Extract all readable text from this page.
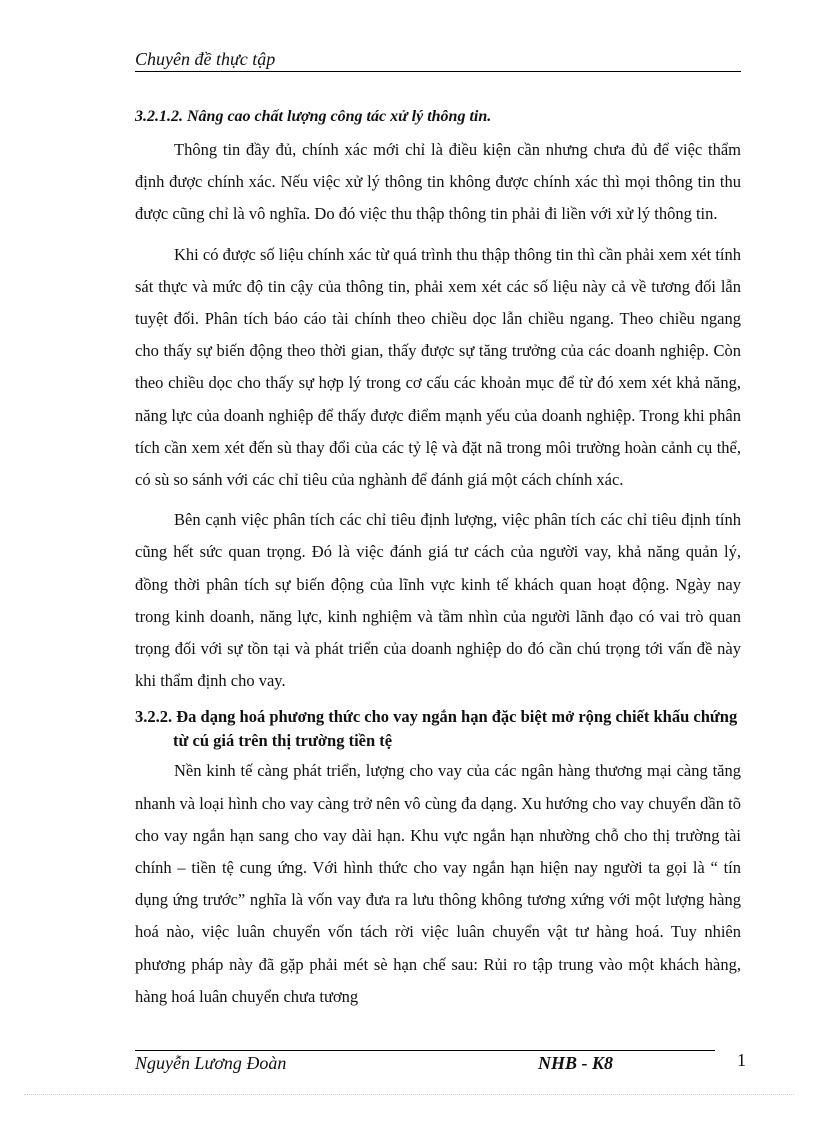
Chuyên đề thực tập

3.2.1.2. Nâng cao chất lượng công tác xử lý thông tin.

Thông tin đầy đủ, chính xác mới chỉ là điều kiện cần nhưng chưa đủ để việc thẩm định được chính xác. Nếu việc xử lý thông tin không được chính xác thì mọi thông tin thu được cũng chỉ là vô nghĩa. Do đó việc thu thập thông tin phải đi liền với xử lý thông tin.

Khi có được số liệu chính xác từ quá trình thu thập thông tin thì cần phải xem xét tính sát thực và mức độ tin cậy của thông tin, phải xem xét các số liệu này cả về tương đối lẫn tuyệt đối. Phân tích báo cáo tài chính theo chiều dọc lẫn chiều ngang. Theo chiều ngang cho thấy sự biến động theo thời gian, thấy được sự tăng trưởng của các doanh nghiệp. Còn theo chiều dọc cho thấy sự hợp lý trong cơ cấu các khoản mục để từ đó xem xét khả năng, năng lực của doanh nghiệp để thấy được điểm mạnh yếu của doanh nghiệp. Trong khi phân tích cần xem xét đến sù thay đổi của các tỷ lệ và đặt nã trong môi trường hoàn cảnh cụ thể, có sù so sánh với các chỉ tiêu của nghành để đánh giá một cách chính xác.

Bên cạnh việc phân tích các chỉ tiêu định lượng, việc phân tích các chỉ tiêu định tính cũng hết sức quan trọng. Đó là việc đánh giá tư cách của người vay, khả năng quản lý, đồng thời phân tích sự biến động của lĩnh vực kinh tế khách quan hoạt động. Ngày nay trong kinh doanh, năng lực, kinh nghiệm và tầm nhìn của người lãnh đạo có vai trò quan trọng đối với sự tồn tại và phát triển của doanh nghiệp do đó cần chú trọng tới vấn đề này khi thẩm định cho vay.

3.2.2. Đa dạng hoá phương thức cho vay ngắn hạn đặc biệt mở rộng chiết khấu chứng từ cú giá trên thị trường tiền tệ

Nền kinh tế càng phát triển, lượng cho vay của các ngân hàng thương mại càng tăng nhanh và loại hình cho vay càng trở nên vô cùng đa dạng. Xu hướng cho vay chuyển dần tõ cho vay ngắn hạn sang cho vay dài hạn. Khu vực ngắn hạn nhường chỗ cho thị trường tài chính – tiền tệ cung ứng. Với hình thức cho vay ngắn hạn hiện nay người ta gọi là “ tín dụng ứng trước” nghĩa là vốn vay đưa ra lưu thông không tương xứng với một lượng hàng hoá nào, việc luân chuyển vốn tách rời việc luân chuyển vật tư hàng hoá. Tuy nhiên phương pháp này đã gặp phải mét sè hạn chế sau: Rủi ro tập trung vào một khách hàng, hàng hoá luân chuyển chưa tương

Nguyễn Lương Đoàn	NHB - K8	1
